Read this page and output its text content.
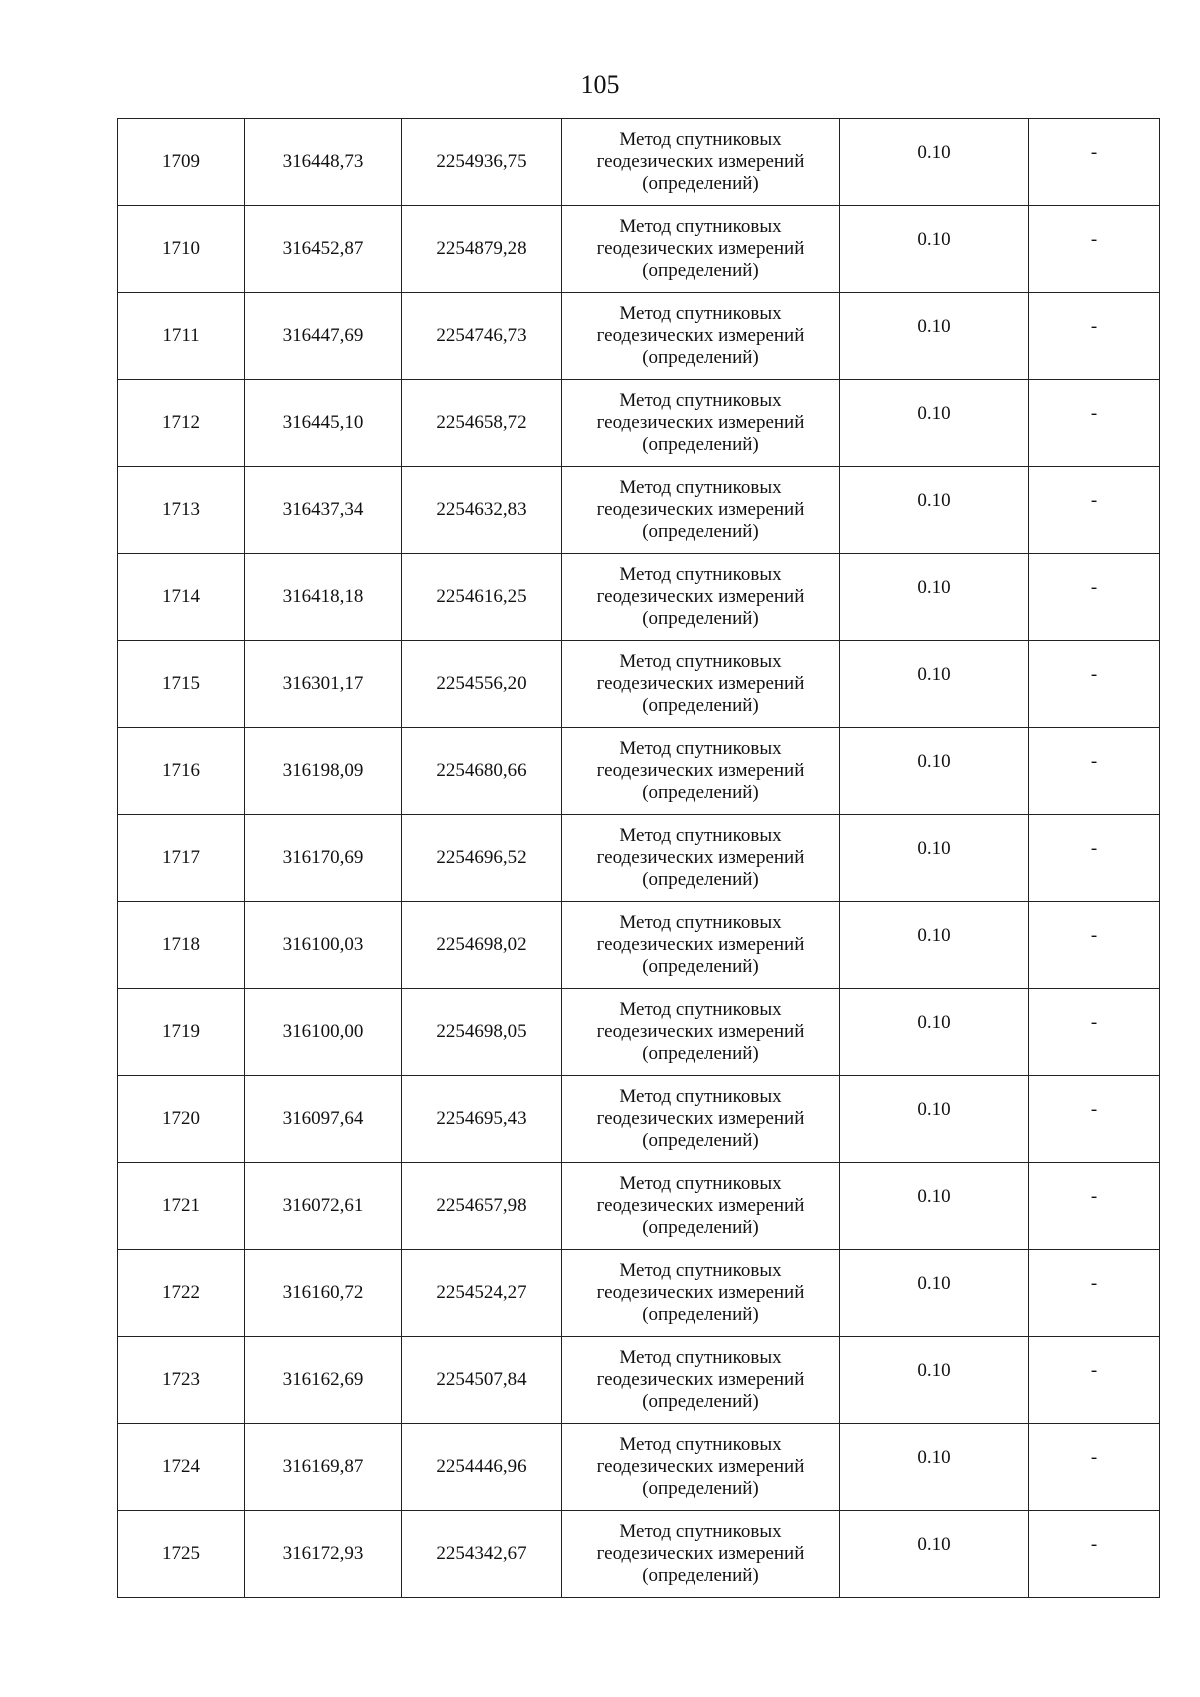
105
1709	316448,73	2254936,75	Метод спутниковых
геодезических измерений
(определений)	0.10	-
1710	316452,87	2254879,28	Метод спутниковых
геодезических измерений
(определений)	0.10	-
1711	316447,69	2254746,73	Метод спутниковых
геодезических измерений
(определений)	0.10	-
1712	316445,10	2254658,72	Метод спутниковых
геодезических измерений
(определений)	0.10	-
1713	316437,34	2254632,83	Метод спутниковых
геодезических измерений
(определений)	0.10	-
1714	316418,18	2254616,25	Метод спутниковых
геодезических измерений
(определений)	0.10	-
1715	316301,17	2254556,20	Метод спутниковых
геодезических измерений
(определений)	0.10	-
1716	316198,09	2254680,66	Метод спутниковых
геодезических измерений
(определений)	0.10	-
1717	316170,69	2254696,52	Метод спутниковых
геодезических измерений
(определений)	0.10	-
1718	316100,03	2254698,02	Метод спутниковых
геодезических измерений
(определений)	0.10	-
1719	316100,00	2254698,05	Метод спутниковых
геодезических измерений
(определений)	0.10	-
1720	316097,64	2254695,43	Метод спутниковых
геодезических измерений
(определений)	0.10	-
1721	316072,61	2254657,98	Метод спутниковых
геодезических измерений
(определений)	0.10	-
1722	316160,72	2254524,27	Метод спутниковых
геодезических измерений
(определений)	0.10	-
1723	316162,69	2254507,84	Метод спутниковых
геодезических измерений
(определений)	0.10	-
1724	316169,87	2254446,96	Метод спутниковых
геодезических измерений
(определений)	0.10	-
1725	316172,93	2254342,67	Метод спутниковых
геодезических измерений
(определений)	0.10	-
